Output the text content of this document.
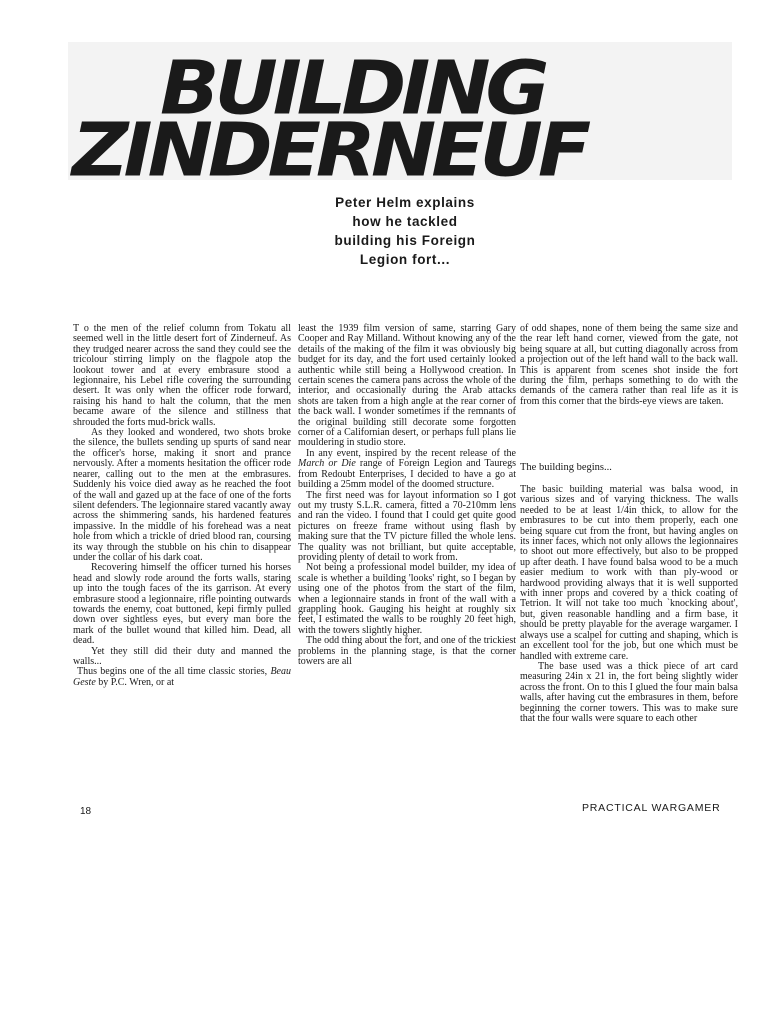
BUILDING
ZINDERNEUF
Peter Helm explains
how he tackled
building his Foreign
Legion fort...

T o the men of the relief column from Tokatu all seemed well in the little desert fort of Zinderneuf. As they trudged nearer across the sand they could see the tricolour stirring limply on the flagpole atop the lookout tower and at every embrasure stood a legionnaire, his Lebel rifle covering the surrounding desert. It was only when the officer rode forward, raising his hand to halt the column, that the men became aware of the silence and stillness that shrouded the forts mud-brick walls.

As they looked and wondered, two shots broke the silence, the bullets sending up spurts of sand near the officer's horse, making it snort and prance nervously. After a moments hesitation the officer rode nearer, calling out to the men at the embrasures. Suddenly his voice died away as he reached the foot of the wall and gazed up at the face of one of the forts silent defenders. The legionnaire stared vacantly away across the shimmering sands, his hardened features impassive. In the middle of his forehead was a neat hole from which a trickle of dried blood ran, coursing its way through the stubble on his chin to disappear under the collar of his dark coat.

Recovering himself the officer turned his horses head and slowly rode around the forts walls, staring up into the tough faces of the its garrison. At every embrasure stood a legionnaire, rifle pointing outwards towards the enemy, coat buttoned, kepi firmly pulled down over sightless eyes, but every man bore the mark of the bullet wound that killed him. Dead, all dead.

Yet they still did their duty and manned the walls...

Thus begins one of the all time classic stories, Beau Geste by P.C. Wren, or at

least the 1939 film version of same, starring Gary Cooper and Ray Milland. Without knowing any of the details of the making of the film it was obviously big budget for its day, and the fort used certainly looked authentic while still being a Hollywood creation. In certain scenes the camera pans across the whole of the interior, and occasionally during the Arab attacks shots are taken from a high angle at the rear corner of the back wall. I wonder sometimes if the remnants of the original building still decorate some forgotten corner of a Californian desert, or perhaps full plans lie mouldering in studio store.

In any event, inspired by the recent release of the March or Die range of Foreign Legion and Tauregs from Redoubt Enterprises, I decided to have a go at building a 25mm model of the doomed structure.

The first need was for layout information so I got out my trusty S.L.R. camera, fitted a 70-210mm lens and ran the video. I found that I could get quite good pictures on freeze frame without using flash by making sure that the TV picture filled the whole lens. The quality was not brilliant, but quite acceptable, providing plenty of detail to work from.

Not being a professional model builder, my idea of scale is whether a building 'looks' right, so I began by using one of the photos from the start of the film, when a legionnaire stands in front of the wall with a grappling hook. Gauging his height at roughly six feet, I estimated the walls to be roughly 20 feet high, with the towers slightly higher.

The odd thing about the fort, and one of the trickiest problems in the planning stage, is that the corner towers are all

of odd shapes, none of them being the same size and the rear left hand corner, viewed from the gate, not being square at all, but cutting diagonally across from a projection out of the left hand wall to the back wall. This is apparent from scenes shot inside the fort during the film, perhaps something to do with the demands of the camera rather than real life as it is from this corner that the birds-eye views are taken.

The building begins...

The basic building material was balsa wood, in various sizes and of varying thickness. The walls needed to be at least 1/4in thick, to allow for the embrasures to be cut into them properly, each one being square cut from the front, but having angles on its inner faces, which not only allows the legionnaires to shoot out more effectively, but also to be propped up after death. I have found balsa wood to be a much easier medium to work with than ply-wood or hardwood providing always that it is well supported with inner props and covered by a thick coating of Tetrion. It will not take too much `knocking about', but, given reasonable handling and a firm base, it should be pretty playable for the average wargamer. I always use a scalpel for cutting and shaping, which is an excellent tool for the job, but one which must be handled with extreme care.

The base used was a thick piece of art card measuring 24in x 21 in, the fort being slightly wider across the front. On to this I glued the four main balsa walls, after having cut the embrasures in them, before beginning the corner towers. This was to make sure that the four walls were square to each other

18	PRACTICAL WARGAMER
